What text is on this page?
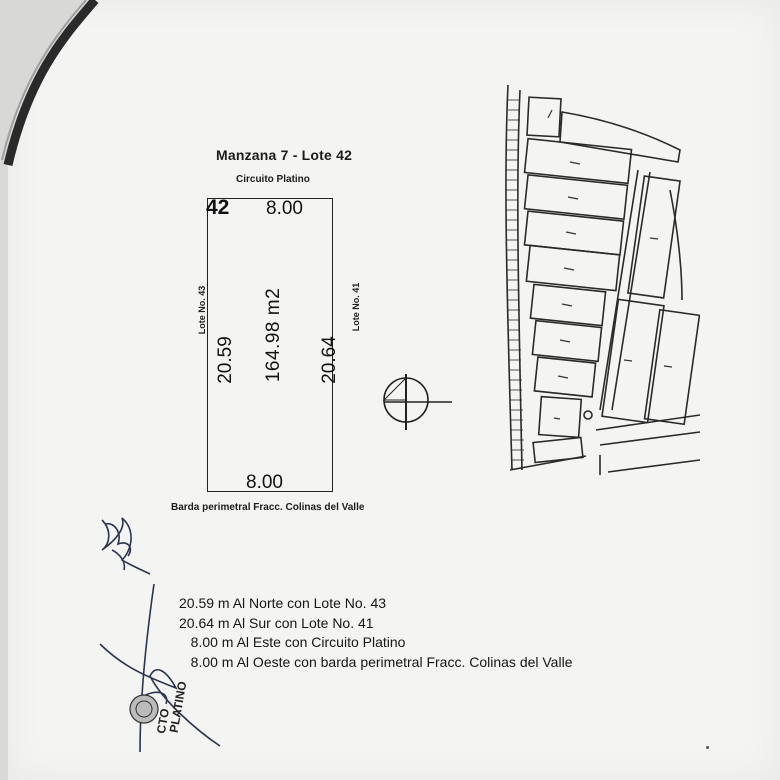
Manzana 7 - Lote 42
Circuito Platino
42 8.00
8.00
20.59 164.98 m2 20.64
Lote No. 43	Lote No. 41
Barda perimetral Fracc. Colinas del Valle
CTO
PLATINO
20.59 m Al Norte con Lote No. 43
20.64 m Al Sur con Lote No. 41
8.00 m Al Este con Circuito Platino
8.00 m Al Oeste con barda perimetral Fracc. Colinas del Valle
